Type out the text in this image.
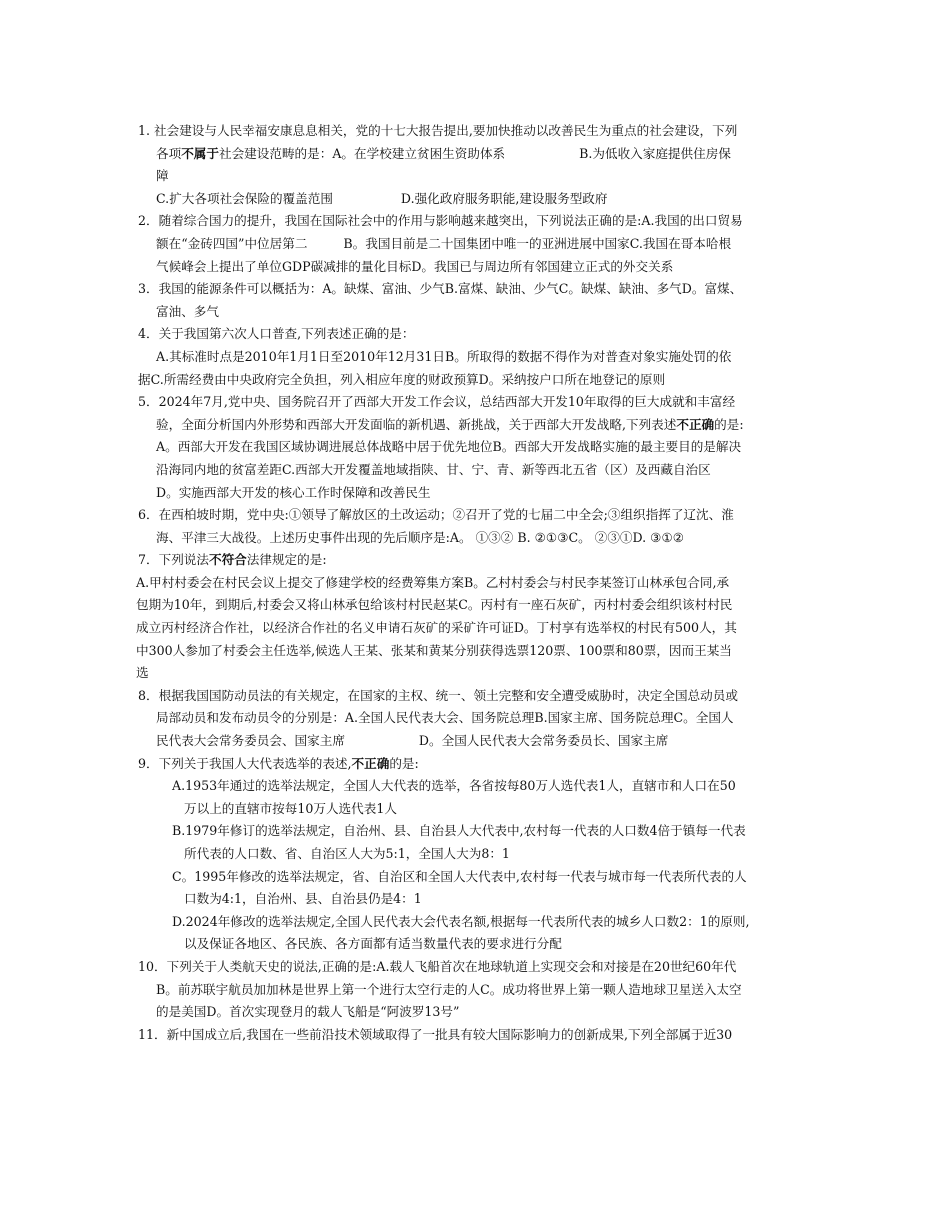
1. 社会建设与人民幸福安康息息相关，党的十七大报告提出,要加快推动以改善民生为重点的社会建设，下列
各项不属于社会建设范畴的是：A。在学校建立贫困生资助体系	B.为低收入家庭提供住房保
障
C.扩大各项社会保险的覆盖范围	D.强化政府服务职能,建设服务型政府
2．随着综合国力的提升，我国在国际社会中的作用与影响越来越突出，下列说法正确的是:A.我国的出口贸易
额在“金砖四国”中位居第二	B。我国目前是二十国集团中唯一的亚洲进展中国家C.我国在哥本哈根
气候峰会上提出了单位GDP碳减排的量化目标D。我国已与周边所有邻国建立正式的外交关系
3．我国的能源条件可以概括为：A。缺煤、富油、少气B.富煤、缺油、少气C。缺煤、缺油、多气D。富煤、
富油、多气
4．关于我国第六次人口普查,下列表述正确的是：
A.其标准时点是2010年1月1日至2010年12月31日B。所取得的数据不得作为对普查对象实施处罚的依
据C.所需经费由中央政府完全负担，列入相应年度的财政预算D。采纳按户口所在地登记的原则
5．2024年7月,党中央、国务院召开了西部大开发工作会议，总结西部大开发10年取得的巨大成就和丰富经
验，全面分析国内外形势和西部大开发面临的新机遇、新挑战，关于西部大开发战略,下列表述不正确的是:
A。西部大开发在我国区域协调进展总体战略中居于优先地位B。西部大开发战略实施的最主要目的是解决
沿海同内地的贫富差距C.西部大开发覆盖地域指陕、甘、宁、青、新等西北五省（区）及西藏自治区
D。实施西部大开发的核心工作时保障和改善民生
6．在西柏坡时期，党中央:①领导了解放区的土改运动；②召开了党的七届二中全会;③组织指挥了辽沈、淮
海、平津三大战役。上述历史事件出现的先后顺序是:A。 ①③② B. ②①③C。 ②③①D. ③①②
7．下列说法不符合法律规定的是:
A.甲村村委会在村民会议上提交了修建学校的经费筹集方案B。乙村村委会与村民李某签订山林承包合同,承
包期为10年，到期后,村委会又将山林承包给该村村民赵某C。丙村有一座石灰矿，丙村村委会组织该村村民
成立丙村经济合作社，以经济合作社的名义申请石灰矿的采矿许可证D。丁村享有选举权的村民有500人，其
中300人参加了村委会主任选举,候选人王某、张某和黄某分别获得选票120票、100票和80票，因而王某当
选
8．根据我国国防动员法的有关规定，在国家的主权、统一、领土完整和安全遭受威胁时，决定全国总动员或
局部动员和发布动员令的分别是：A.全国人民代表大会、国务院总理B.国家主席、国务院总理C。全国人
民代表大会常务委员会、国家主席	D。全国人民代表大会常务委员长、国家主席
9．下列关于我国人大代表选举的表述,不正确的是:
A.1953年通过的选举法规定，全国人大代表的选举，各省按每80万人选代表1人，直辖市和人口在50
万以上的直辖市按每10万人选代表1人
B.1979年修订的选举法规定，自治州、县、自治县人大代表中,农村每一代表的人口数4倍于镇每一代表
所代表的人口数、省、自治区人大为5:1，全国人大为8：1
C。1995年修改的选举法规定，省、自治区和全国人大代表中,农村每一代表与城市每一代表所代表的人
口数为4:1，自治州、县、自治县仍是4：1
D.2024年修改的选举法规定,全国人民代表大会代表名额,根据每一代表所代表的城乡人口数2：1的原则,
以及保证各地区、各民族、各方面都有适当数量代表的要求进行分配
10．下列关于人类航天史的说法,正确的是:A.载人飞船首次在地球轨道上实现交会和对接是在20世纪60年代
B。前苏联宇航员加加林是世界上第一个进行太空行走的人C。成功将世界上第一颗人造地球卫星送入太空
的是美国D。首次实现登月的载人飞船是“阿波罗13号”
11．新中国成立后,我国在一些前沿技术领域取得了一批具有较大国际影响力的创新成果,下列全部属于近30
